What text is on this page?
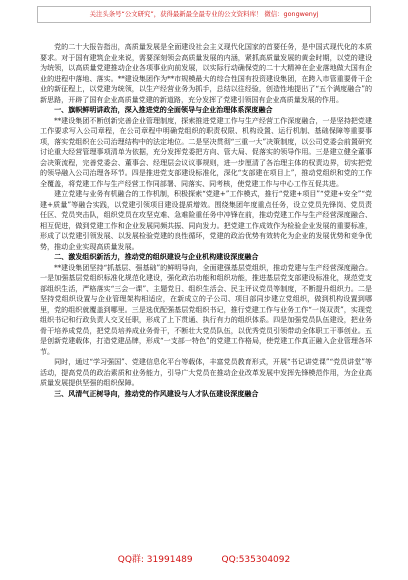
关注头条号“公文研究”，获得最新最全最专业的公文资料库！ 微信：gongwenyj

党的二十大报告指出，高质量发展是全面建设社会主义现代化国家的首要任务，是中国式现代化的本质要求。对于国有建筑企业来说，需要深刻领会高质量发展的内涵，紧抓高质量发展的黄金时期，以党的建设为统领，以高质量党建推动企业各项事业向前发展，以实际行动确保党的二十大精神在企业落地做大国有企业的进程中落地、落实。**建设集团作为**市规模最大的综合性国有投资建设集团，在跨入市管重要骨干企业的新征程上，以党建为统领，以生产经营业务为抓手，总结以往经验，创造性地提出了“五个满度融合”的新思路，开辟了国有企业高质量党建的新道路，充分发挥了党建引领国有企业高质量发展的作用。

一、旗帜鲜明讲政治，深入推进党的全面领导与企业治理体系深度融合

**建设集团不断创新完善企业管理制度，探索推进党建工作与生产经营工作深度融合，一是坚持把党建工作要求写入公司章程，在公司章程中明确党组织的职责权限、机构设置、运行机制、基础保障等重要事项，落实党组织在公司治理结构中的法定地位。二是坚决贯彻“三重一大”决策制度，以公司党委会前置研究讨论重大经营管理事项清单为依据，充分发挥党委把方向、管大局、促落实的领导作用。三是建立健全董事会决策流程，完善党委会、董事会、经理层会议议事规则，进一步厘清了各治理主体的权责边界，切实把党的领导融入公司治理各环节。四是推进党支部建设标准化，深化“支部建在项目上”，推动党组织和党的工作全覆盖，将党建工作与生产经营工作同部署、同落实、同考核，使党建工作与中心工作互促共进。

建立党建与业务有机融合的工作机制，积极探索“党建+”工作模式，推行“党建+项目”“党建+安全”“党建+质量”等融合实践，以党建引领项目建设提质增效。围绕集团年度重点任务，设立党员先锋岗、党员责任区、党员突击队，组织党员在攻坚克难、急难险重任务中冲锋在前，推动党建工作与生产经营深度融合、相互促进，做到党建工作和企业发展同频共振、同向发力。把党建工作成效作为检验企业发展的重要标准，形成了以党建引领发展、以发展检验党建的良性循环，党建的政治优势有效转化为企业的发展优势和竞争优势，推动企业实现高质量发展。

二、激发组织新活力，推动党的组织建设与企业机构建设深度融合

**建设集团坚持“抓基层、强基础”的鲜明导向，全面建强基层党组织，推动党建与生产经营深度融合。一是加强基层党组织标准化规范化建设，强化政治功能和组织功能，推进基层党支部建设标准化，规范党支部组织生活，严格落实“三会一课”、主题党日、组织生活会、民主评议党员等制度，不断提升组织力。二是坚持党组织设置与企业管理架构相适应，在新成立的子公司、项目部同步建立党组织，做到机构设置到哪里，党的组织就覆盖到哪里。三是选优配强基层党组织书记，推行党建工作与业务工作“一岗双责”，实现党组织书记和行政负责人交叉任职，形成了上下贯通、执行有力的组织体系。四是加强党员队伍建设，把业务骨干培养成党员，把党员培养成业务骨干，不断壮大党员队伍，以优秀党员引领带动全体职工干事创业。五是创新党建载体，打造党建品牌，形成“一支部一特色”的党建工作格局，使党建工作真正融入企业管理各环节。

同时，通过“学习强国”、党建信息化平台等载体，丰富党员教育形式，开展“书记讲党课”“党员讲堂”等活动，提高党员的政治素质和业务能力，引导广大党员在推动企业改革发展中发挥先锋模范作用，为企业高质量发展提供坚强的组织保障。

三、风清气正树导向，推动党的作风建设与人才队伍建设深度融合

QQ群: 31991489	QQ:535304092
